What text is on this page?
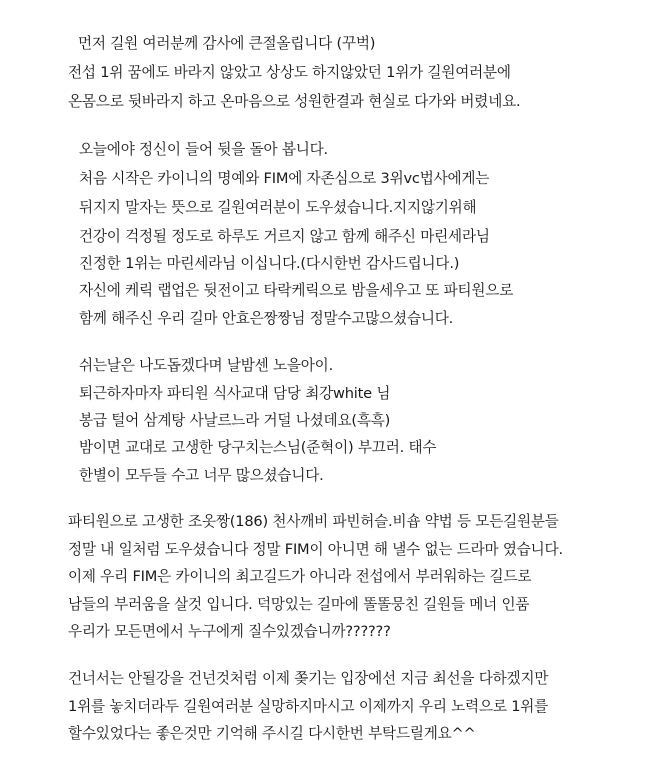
먼저 길원 여러분께 감사에 큰절올립니다 (꾸벅)
전섭 1위 꿈에도 바라지 않았고 상상도 하지않았던 1위가 길원여러분에
온몸으로 뒷바라지 하고 온마음으로 성원한결과 현실로 다가와 버렸네요.
오늘에야 정신이 들어 뒷을 돌아 봅니다.
처음 시작은 카이니의 명예와 FIM에 자존심으로 3위vc법사에게는
뒤지지 말자는 뜻으로 길원여러분이 도우셨습니다.지지않기위해
건강이 걱정될 정도로 하루도 거르지 않고 함께 해주신 마린세라님
진정한 1위는 마린세라님 이십니다.(다시한번 감사드립니다.)
자신에 케릭 랩업은 뒷전이고 타락케릭으로 밤을세우고 또 파티원으로
함께 해주신 우리 길마 안효은짱짱님 정말수고많으셨습니다.
쉬는날은 나도돕겠다며 날밤센 노을아이.
퇴근하자마자 파티원 식사교대 담당 최강white 님
봉급 털어 삼계탕 사날르느라 거덜 나셨데요(흑흑)
밤이면 교대로 고생한 당구치는스님(준혁이) 부끄러. 태수
한별이 모두들 수고 너무 많으셨습니다.
파티원으로 고생한 조옷짱(186) 천사깨비 파빈허슬.비숍 약법 등 모든길원분들
정말 내 일처럼 도우셨습니다 정말 FIM이 아니면 해 낼수 없는 드라마 였습니다.
이제 우리 FIM은 카이니의 최고길드가 아니라 전섭에서 부러워하는 길드로
남들의 부러움을 살것 입니다. 덕망있는 길마에 똘똘뭉친 길원들 메너 인품
우리가 모든면에서 누구에게 질수있겠습니까??????
건너서는 안될강을 건넌것처럼 이제 쫒기는 입장에선 지금 최선을 다하겠지만
1위를 놓치더라두 길원여러분 실망하지마시고 이제까지 우리 노력으로 1위를
할수있었다는 좋은것만 기억해 주시길 다시한번 부탁드릴게요^^
